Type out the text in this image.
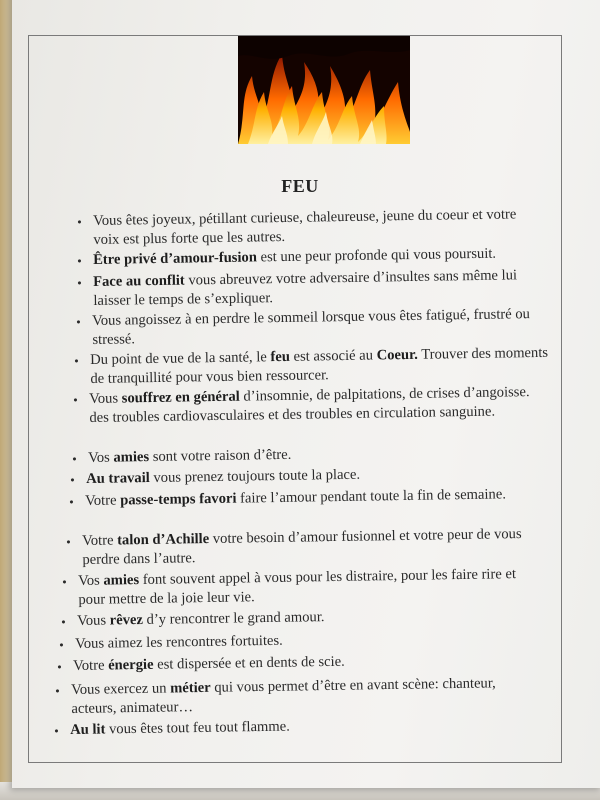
FEU
• Vous êtes joyeux, pétillant curieuse, chaleureuse, jeune du coeur et votre voix est plus forte que les autres.
• Être privé d’amour-fusion est une peur profonde qui vous poursuit.
• Face au conflit vous abreuvez votre adversaire d’insultes sans même lui laisser le temps de s’expliquer.
• Vous angoissez à en perdre le sommeil lorsque vous êtes fatigué, frustré ou stressé.
• Du point de vue de la santé, le feu est associé au Coeur. Trouver des moments de tranquillité pour vous bien ressourcer.
• Vous souffrez en général d’insomnie, de palpitations, de crises d’angoisse. des troubles cardiovasculaires et des troubles en circulation sanguine.
• Vos amies sont votre raison d’être.
• Au travail vous prenez toujours toute la place.
• Votre passe-temps favori faire l’amour pendant toute la fin de semaine.
• Votre talon d’Achille votre besoin d’amour fusionnel et votre peur de vous perdre dans l’autre.
• Vos amies font souvent appel à vous pour les distraire, pour les faire rire et pour mettre de la joie leur vie.
• Vous rêvez d’y rencontrer le grand amour.
• Vous aimez les rencontres fortuites.
• Votre énergie est dispersée et en dents de scie.
• Vous exercez un métier qui vous permet d’être en avant scène: chanteur, acteurs, animateur…
• Au lit vous êtes tout feu tout flamme.
